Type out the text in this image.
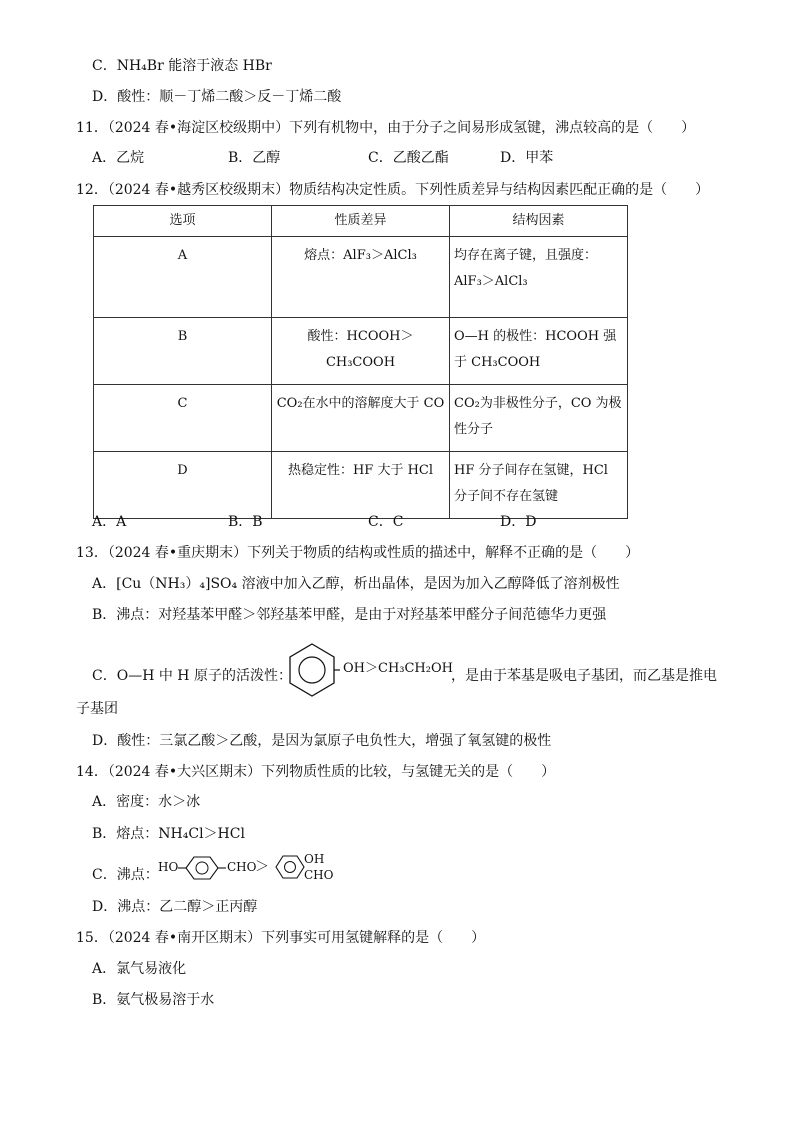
C．NH₄Br 能溶于液态 HBr
D．酸性：顺－丁烯二酸＞反－丁烯二酸
11．（2024 春•海淀区校级期中）下列有机物中，由于分子之间易形成氢键，沸点较高的是（　　）
A．乙烷	B．乙醇	C．乙酸乙酯	D．甲苯
12．（2024 春•越秀区校级期末）物质结构决定性质。下列性质差异与结构因素匹配正确的是（　　）
选项	性质差异	结构因素
A	熔点：AlF₃＞AlCl₃	均存在离子键，且强度：AlF₃＞AlCl₃
B	酸性：HCOOH＞CH₃COOH	O—H 的极性：HCOOH 强于 CH₃COOH
C	CO₂在水中的溶解度大于 CO	CO₂为非极性分子，CO 为极性分子
D	热稳定性：HF 大于 HCl	HF 分子间存在氢键，HCl 分子间不存在氢键
A．A	B．B	C．C	D．D
13．（2024 春•重庆期末）下列关于物质的结构或性质的描述中，解释不正确的是（　　）
A．[Cu（NH₃）₄]SO₄ 溶液中加入乙醇，析出晶体，是因为加入乙醇降低了溶剂极性
B．沸点：对羟基苯甲醛＞邻羟基苯甲醛，是由于对羟基苯甲醛分子间范德华力更强
C．O—H 中 H 原子的活泼性：	OH＞CH₃CH₂OH
，是由于苯基是吸电子基团，而乙基是推电
子基团
D．酸性：三氯乙酸＞乙酸，是因为氯原子电负性大，增强了氧氢键的极性
14．（2024 春•大兴区期末）下列物质性质的比较，与氢键无关的是（　　）
A．密度：水＞冰
B．熔点：NH₄Cl＞HCl
C．沸点： HO	CHO
＞	OH
CHO
D．沸点：乙二醇＞正丙醇
15．（2024 春•南开区期末）下列事实可用氢键解释的是（　　）
A．氯气易液化
B．氨气极易溶于水
